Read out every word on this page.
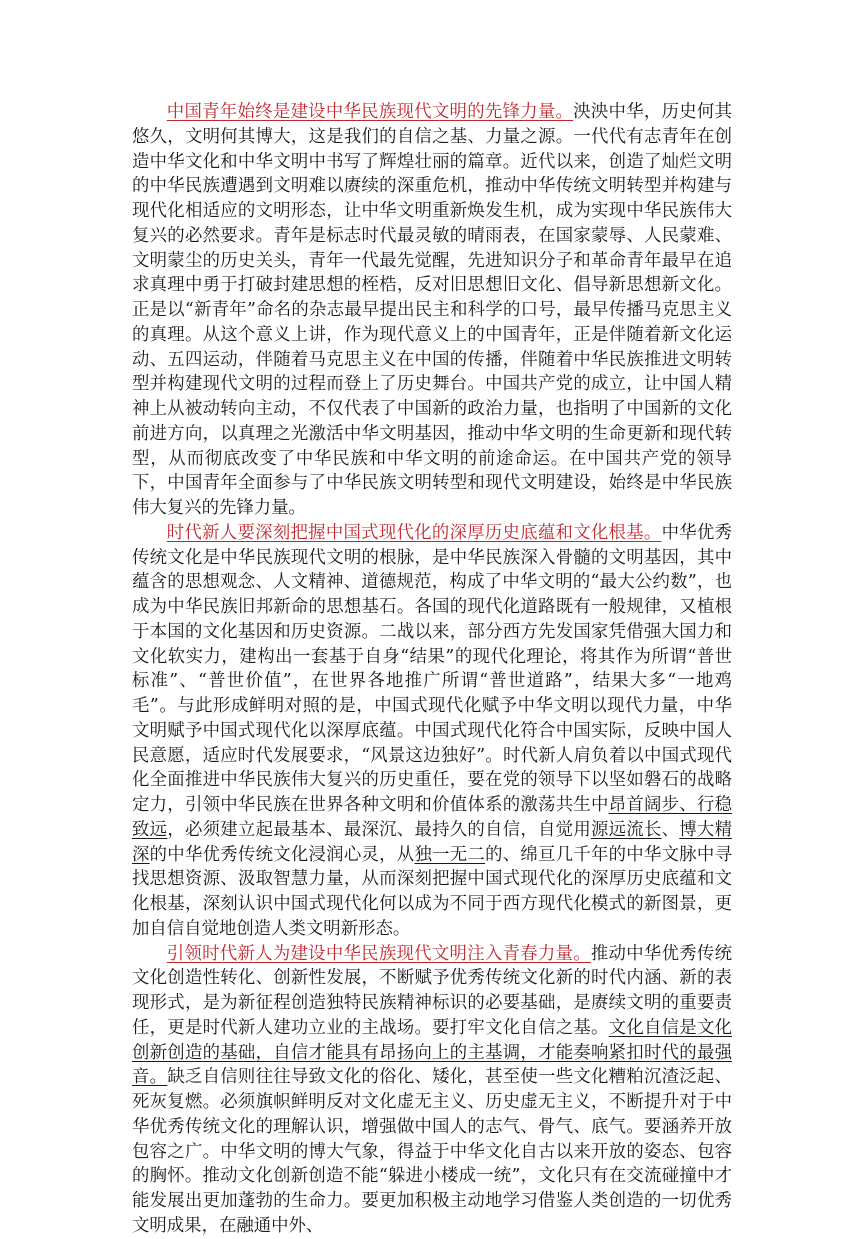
中国青年始终是建设中华民族现代文明的先锋力量。泱泱中华，历史何其悠久，文明何其博大，这是我们的自信之基、力量之源。一代代有志青年在创造中华文化和中华文明中书写了辉煌壮丽的篇章。近代以来，创造了灿烂文明的中华民族遭遇到文明难以赓续的深重危机，推动中华传统文明转型并构建与现代化相适应的文明形态，让中华文明重新焕发生机，成为实现中华民族伟大复兴的必然要求。青年是标志时代最灵敏的晴雨表，在国家蒙辱、人民蒙难、文明蒙尘的历史关头，青年一代最先觉醒，先进知识分子和革命青年最早在追求真理中勇于打破封建思想的桎梏，反对旧思想旧文化、倡导新思想新文化。正是以“新青年”命名的杂志最早提出民主和科学的口号，最早传播马克思主义的真理。从这个意义上讲，作为现代意义上的中国青年，正是伴随着新文化运动、五四运动，伴随着马克思主义在中国的传播，伴随着中华民族推进文明转型并构建现代文明的过程而登上了历史舞台。中国共产党的成立，让中国人精神上从被动转向主动，不仅代表了中国新的政治力量，也指明了中国新的文化前进方向，以真理之光激活中华文明基因，推动中华文明的生命更新和现代转型，从而彻底改变了中华民族和中华文明的前途命运。在中国共产党的领导下，中国青年全面参与了中华民族文明转型和现代文明建设，始终是中华民族伟大复兴的先锋力量。

时代新人要深刻把握中国式现代化的深厚历史底蕴和文化根基。中华优秀传统文化是中华民族现代文明的根脉，是中华民族深入骨髓的文明基因，其中蕴含的思想观念、人文精神、道德规范，构成了中华文明的“最大公约数”，也成为中华民族旧邦新命的思想基石。各国的现代化道路既有一般规律，又植根于本国的文化基因和历史资源。二战以来，部分西方先发国家凭借强大国力和文化软实力，建构出一套基于自身“结果”的现代化理论，将其作为所谓“普世标准”、“普世价值”，在世界各地推广所谓“普世道路”，结果大多“一地鸡毛”。与此形成鲜明对照的是，中国式现代化赋予中华文明以现代力量，中华文明赋予中国式现代化以深厚底蕴。中国式现代化符合中国实际，反映中国人民意愿，适应时代发展要求，“风景这边独好”。时代新人肩负着以中国式现代化全面推进中华民族伟大复兴的历史重任，要在党的领导下以坚如磐石的战略定力，引领中华民族在世界各种文明和价值体系的激荡共生中昂首阔步、行稳致远，必须建立起最基本、最深沉、最持久的自信，自觉用源远流长、博大精深的中华优秀传统文化浸润心灵，从独一无二的、绵亘几千年的中华文脉中寻找思想资源、汲取智慧力量，从而深刻把握中国式现代化的深厚历史底蕴和文化根基，深刻认识中国式现代化何以成为不同于西方现代化模式的新图景，更加自信自觉地创造人类文明新形态。

引领时代新人为建设中华民族现代文明注入青春力量。推动中华优秀传统文化创造性转化、创新性发展，不断赋予优秀传统文化新的时代内涵、新的表现形式，是为新征程创造独特民族精神标识的必要基础，是赓续文明的重要责任，更是时代新人建功立业的主战场。要打牢文化自信之基。文化自信是文化创新创造的基础，自信才能具有昂扬向上的主基调，才能奏响紧扣时代的最强音。缺乏自信则往往导致文化的俗化、矮化，甚至使一些文化糟粕沉渣泛起、死灰复燃。必须旗帜鲜明反对文化虚无主义、历史虚无主义，不断提升对于中华优秀传统文化的理解认识，增强做中国人的志气、骨气、底气。要涵养开放包容之广。中华文明的博大气象，得益于中华文化自古以来开放的姿态、包容的胸怀。推动文化创新创造不能“躲进小楼成一统”，文化只有在交流碰撞中才能发展出更加蓬勃的生命力。要更加积极主动地学习借鉴人类创造的一切优秀文明成果，在融通中外、
